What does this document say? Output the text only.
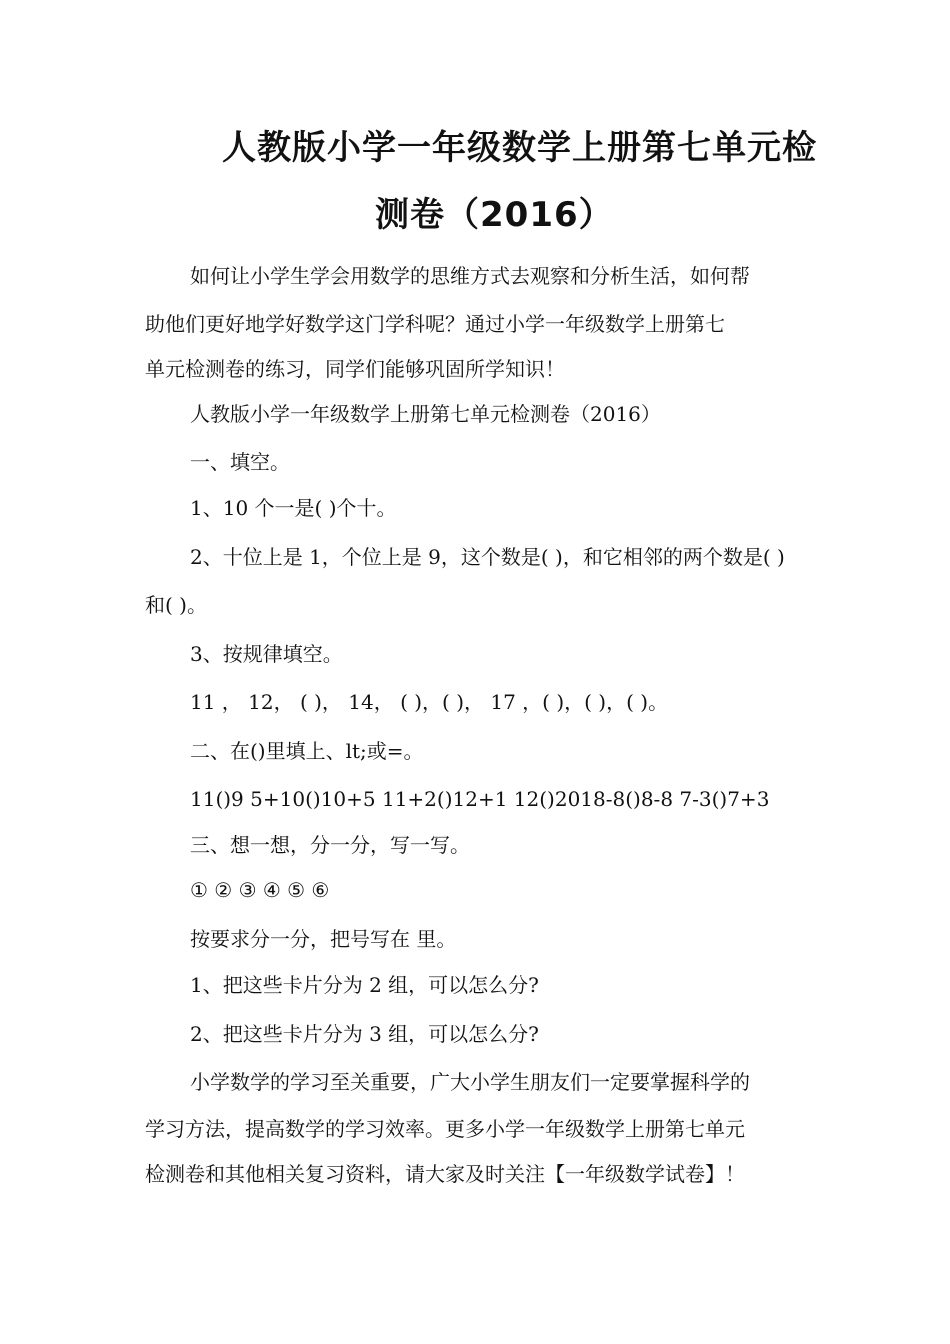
人教版小学一年级数学上册第七单元检
测卷（2016）
如何让小学生学会用数学的思维方式去观察和分析生活，如何帮
助他们更好地学好数学这门学科呢？通过小学一年级数学上册第七
单元检测卷的练习，同学们能够巩固所学知识！
人教版小学一年级数学上册第七单元检测卷（2016）
一、填空。
1、10 个一是( )个十。
2、十位上是 1，个位上是 9，这个数是( )，和它相邻的两个数是( )
和( )。
3、按规律填空。
11 ， 12， ( )， 14， ( )，( )， 17 ，( )，( )，( )。
二、在()里填上、lt;或=。
11()9 5+10()10+5 11+2()12+1 12()2018-8()8-8 7-3()7+3
三、想一想，分一分，写一写。
① ② ③ ④ ⑤ ⑥
按要求分一分，把号写在 里。
1、把这些卡片分为 2 组，可以怎么分?
2、把这些卡片分为 3 组，可以怎么分?
小学数学的学习至关重要，广大小学生朋友们一定要掌握科学的
学习方法，提高数学的学习效率。更多小学一年级数学上册第七单元
检测卷和其他相关复习资料，请大家及时关注【一年级数学试卷】！
